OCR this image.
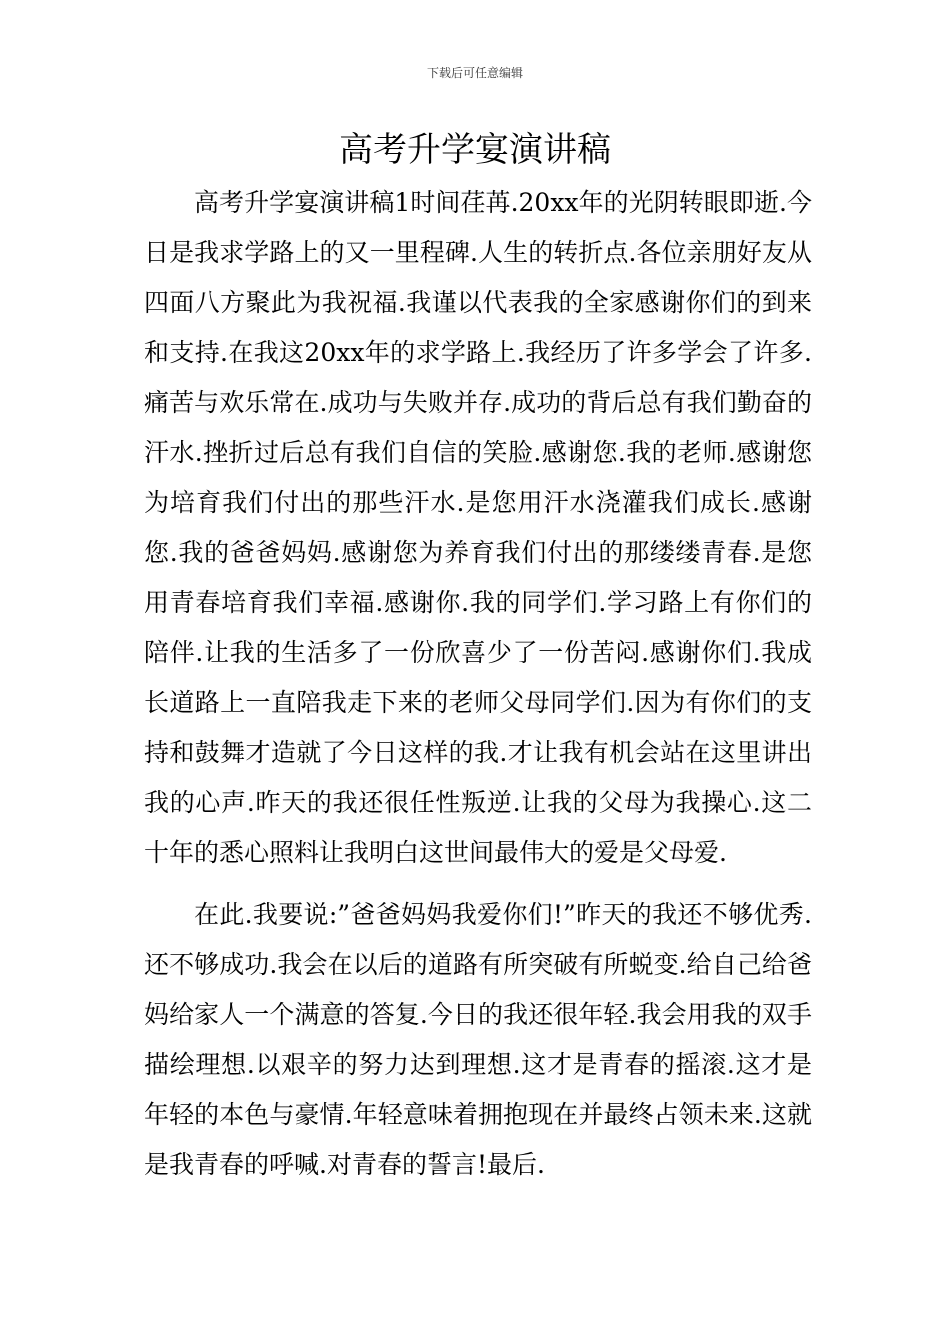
下载后可任意编辑
高考升学宴演讲稿

高考升学宴演讲稿1时间荏苒.20xx年的光阴转眼即逝.今日是我求学路上的又一里程碑.人生的转折点.各位亲朋好友从四面八方聚此为我祝福.我谨以代表我的全家感谢你们的到来和支持.在我这20xx年的求学路上.我经历了许多学会了许多.痛苦与欢乐常在.成功与失败并存.成功的背后总有我们勤奋的汗水.挫折过后总有我们自信的笑脸.感谢您.我的老师.感谢您为培育我们付出的那些汗水.是您用汗水浇灌我们成长.感谢您.我的爸爸妈妈.感谢您为养育我们付出的那缕缕青春.是您用青春培育我们幸福.感谢你.我的同学们.学习路上有你们的陪伴.让我的生活多了一份欣喜少了一份苦闷.感谢你们.我成长道路上一直陪我走下来的老师父母同学们.因为有你们的支持和鼓舞才造就了今日这样的我.才让我有机会站在这里讲出我的心声.昨天的我还很任性叛逆.让我的父母为我操心.这二十年的悉心照料让我明白这世间最伟大的爱是父母爱.

在此.我要说:”爸爸妈妈我爱你们!”昨天的我还不够优秀.还不够成功.我会在以后的道路有所突破有所蜕变.给自己给爸妈给家人一个满意的答复.今日的我还很年轻.我会用我的双手描绘理想.以艰辛的努力达到理想.这才是青春的摇滚.这才是年轻的本色与豪情.年轻意味着拥抱现在并最终占领未来.这就是我青春的呼喊.对青春的誓言!最后.
